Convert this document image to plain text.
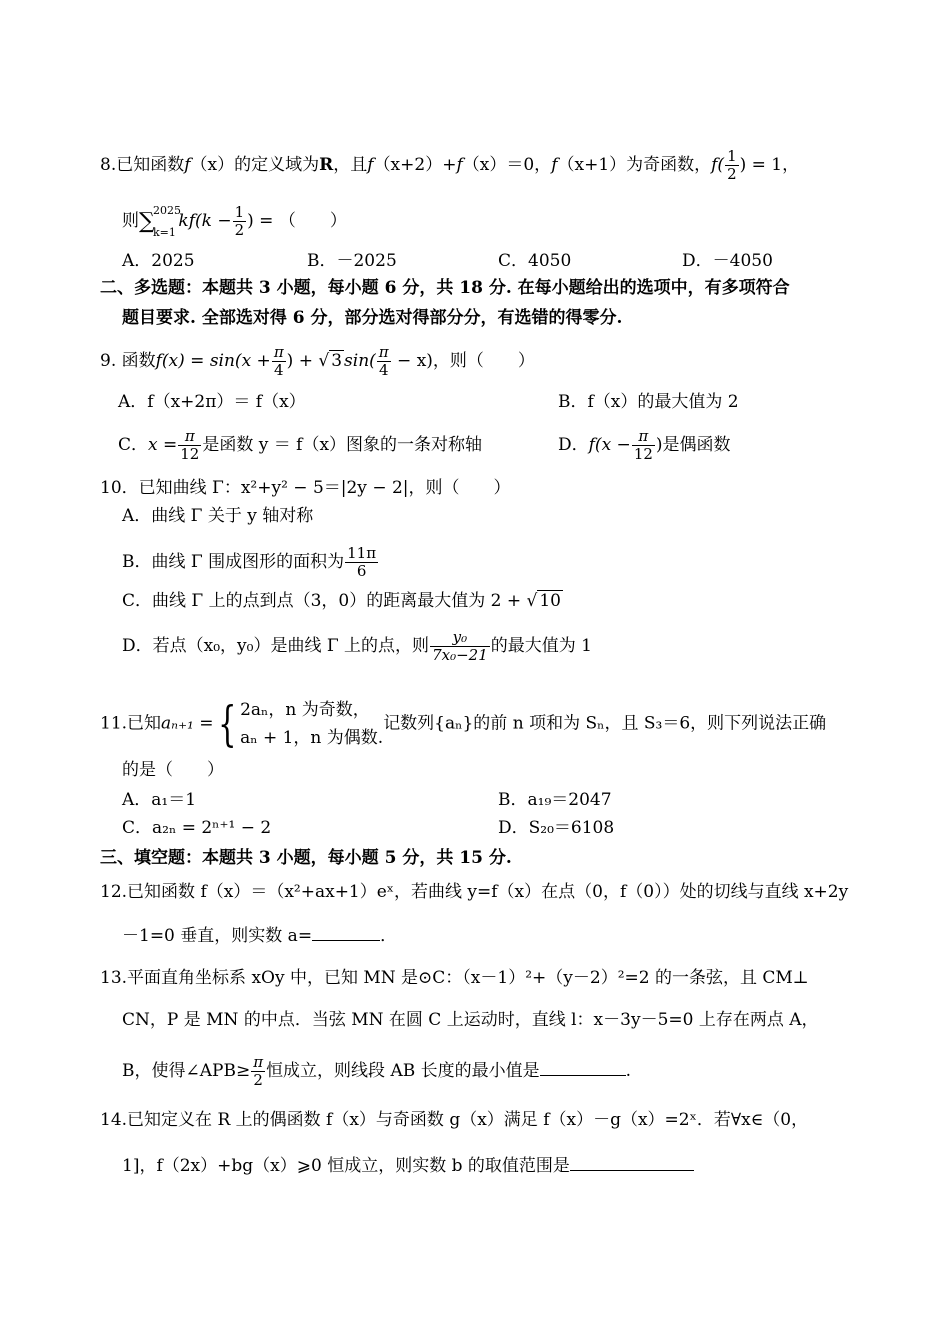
8.已知函数f（x）的定义域为R，且f（x+2）+f（x）＝0，f（x+1）为奇函数，$f( \frac{1}{2}$ ) = 1，
则 ∑
2025
k=1
$kf(k - \frac{1}{2}$ ) = （　　）
A．2025	B．－2025	C．4050	D．－4050
二、多选题：本题共 3 小题，每小题 6 分，共 18 分. 在每小题给出的选项中，有多项符合
题目要求. 全部选对得 6 分，部分选对得部分分，有选错的得零分.
9. 函数$f(x) = \sin(x + \frac{\pi}{4}$ ) + √ 3 $\sin( \frac{\pi}{4} - x)$，则（　　）
A．f（x+2π）＝ f（x）	B．f（x）的最大值为 2
C．$x = \frac{\pi}{12}$ 是函数 y ＝ f（x）图象的一条对称轴	D．$f(x - \frac{\pi}{12}$ )是偶函数
10．已知曲线 Γ：x²+y² − 5＝|2y − 2|，则（　　）
A．曲线 Γ 关于 y 轴对称
B．曲线 Γ 围成图形的面积为 $\frac{11\pi}{6}$
C．曲线 Γ 上的点到点（3，0）的距离最大值为 2 + √ 10
D．若点（x₀，y₀）是曲线 Γ 上的点，则 $\frac{\text{y₀}}{\text{7x₀−21}}$ 的最大值为 1
11.已知aₙ₊₁ ={ 2aₙ，n 为奇数，
aₙ + 1，n 为偶数.
记数列{aₙ}的前 n 项和为 Sₙ，且 S₃＝6，则下列说法正确
的是（　　）
A．a₁＝1	B．a₁₉＝2047
C．a₂ₙ = 2ⁿ⁺¹ − 2	D．S₂₀＝6108
三、填空题：本题共 3 小题，每小题 5 分，共 15 分.
12.已知函数 f（x）＝（x²+ax+1）eˣ，若曲线 y=f（x）在点（0，f（0））处的切线与直线 x+2y
－1=0 垂直，则实数 a=	．
13.平面直角坐标系 xOy 中，已知 MN 是⊙C：（x－1）²+（y－2）²=2 的一条弦，且 CM⊥
CN，P 是 MN 的中点．当弦 MN 在圆 C 上运动时，直线 l：x－3y－5=0 上存在两点 A，
B，使得∠APB≥ $\frac{\pi}{2}$ 恒成立，则线段 AB 长度的最小值是	.
14.已知定义在 R 上的偶函数 f（x）与奇函数 g（x）满足 f（x）－g（x）=2ˣ．若∀x∈（0，
1]，f（2x）+bg（x）⩾0 恒成立，则实数 b 的取值范围是
